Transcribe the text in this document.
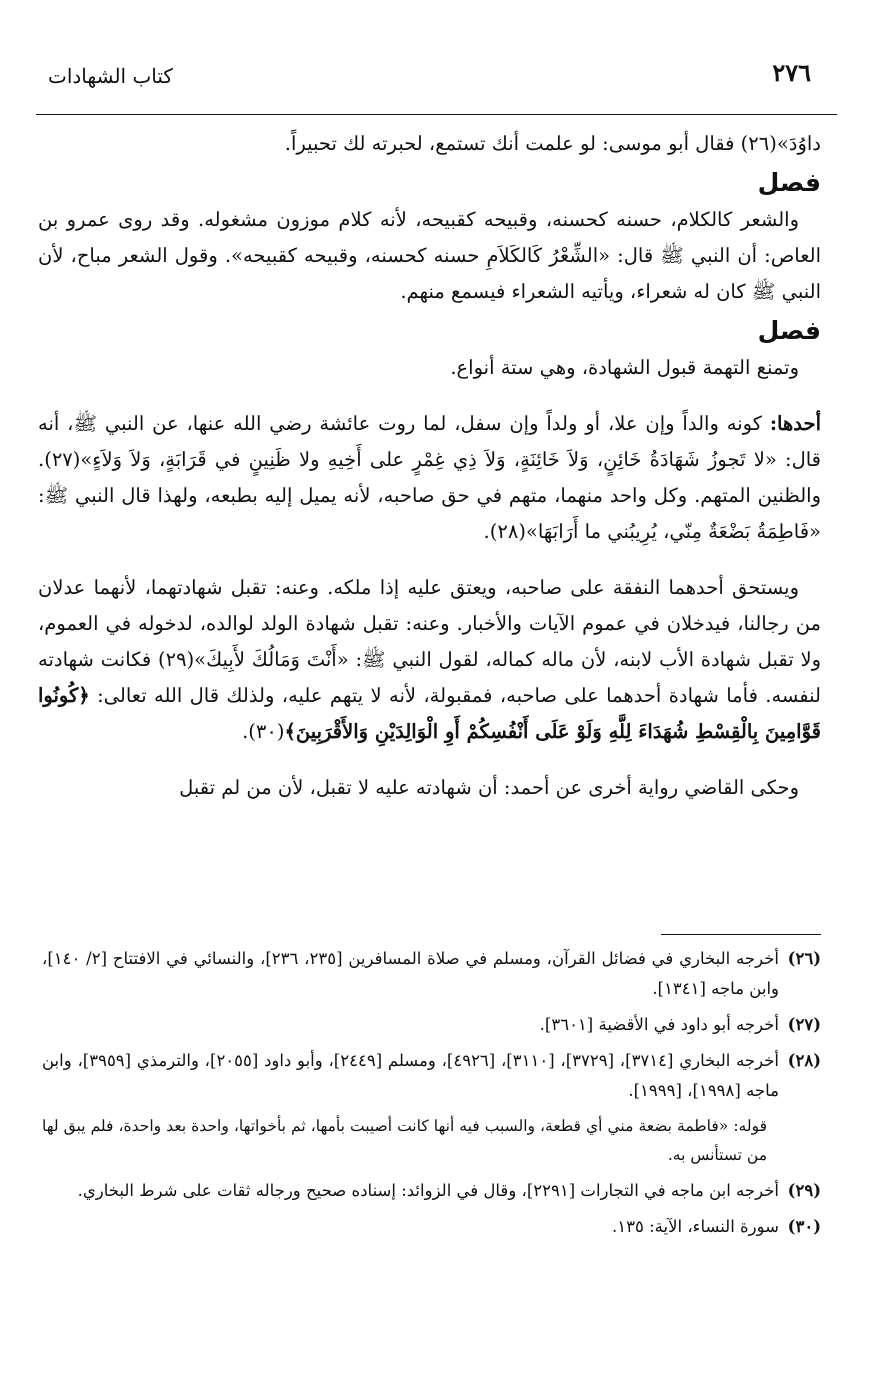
٢٧٦
كتاب الشهادات

داوُدَ»(٢٦) فقال أبو موسى: لو علمت أنك تستمع، لحبرته لك تحبيراً.

فصل

والشعر كالكلام، حسنه كحسنه، وقبيحه كقبيحه، لأنه كلام موزون مشغوله. وقد روى عمرو بن العاص: أن النبي ﷺ قال: «الشِّعْرُ كَالكَلاَمِ حسنه كحسنه، وقبيحه كقبيحه». وقول الشعر مباح، لأن النبي ﷺ كان له شعراء، ويأتيه الشعراء فيسمع منهم.

فصل

وتمنع التهمة قبول الشهادة، وهي ستة أنواع.

أحدها: كونه والداً وإن علا، أو ولداً وإن سفل، لما روت عائشة رضي الله عنها، عن النبي ﷺ، أنه قال: «لا تَجوزُ شَهَادَةُ خَائِنٍ، وَلاَ خَائِنَةٍ، وَلاَ ذِي غِمْرٍ على أَخِيهِ ولا ظَنِينٍ في قَرَابَةٍ، وَلاَ وَلاَءٍ»(٢٧). والظنين المتهم. وكل واحد منهما، متهم في حق صاحبه، لأنه يميل إليه بطبعه، ولهذا قال النبي ﷺ: «فَاطِمَةُ بَضْعَةٌ مِنّي، يُرِيبُني ما أَرَابَهَا»(٢٨).

ويستحق أحدهما النفقة على صاحبه، ويعتق عليه إذا ملكه. وعنه: تقبل شهادتهما، لأنهما عدلان من رجالنا، فيدخلان في عموم الآيات والأخبار. وعنه: تقبل شهادة الولد لوالده، لدخوله في العموم، ولا تقبل شهادة الأب لابنه، لأن ماله كماله، لقول النبي ﷺ: «أَنْتَ وَمَالُكَ لأَبِيكَ»(٢٩) فكانت شهادته لنفسه. فأما شهادة أحدهما على صاحبه، فمقبولة، لأنه لا يتهم عليه، ولذلك قال الله تعالى: ﴿كُونُوا قَوَّامِينَ بِالْقِسْطِ شُهَدَاءَ لِلَّهِ وَلَوْ عَلَى أَنْفُسِكُمْ أَوِ الْوَالِدَيْنِ وَالأَقْرَبِينَ﴾(٣٠).

وحكى القاضي رواية أخرى عن أحمد: أن شهادته عليه لا تقبل، لأن من لم تقبل

(٢٦)
أخرجه البخاري في فضائل القرآن، ومسلم في صلاة المسافرين [٢٣٥، ٢٣٦]، والنسائي في الافتتاح [٢/ ١٤٠]، وابن ماجه [١٣٤١].
(٢٧)
أخرجه أبو داود في الأقضية [٣٦٠١].
(٢٨)
أخرجه البخاري [٣٧١٤]، [٣٧٢٩]، [٣١١٠]، [٤٩٢٦]، ومسلم [٢٤٤٩]، وأبو داود [٢٠٥٥]، والترمذي [٣٩٥٩]، وابن ماجه [١٩٩٨]، [١٩٩٩].
قوله: «فاطمة بضعة مني أي قطعة، والسبب فيه أنها كانت أصيبت بأمها، ثم بأخواتها، واحدة بعد واحدة، فلم يبق لها من تستأنس به.
(٢٩)
أخرجه ابن ماجه في التجارات [٢٢٩١]، وقال في الزوائد: إسناده صحيح ورجاله ثقات على شرط البخاري.
(٣٠)
سورة النساء، الآية: ١٣٥.
